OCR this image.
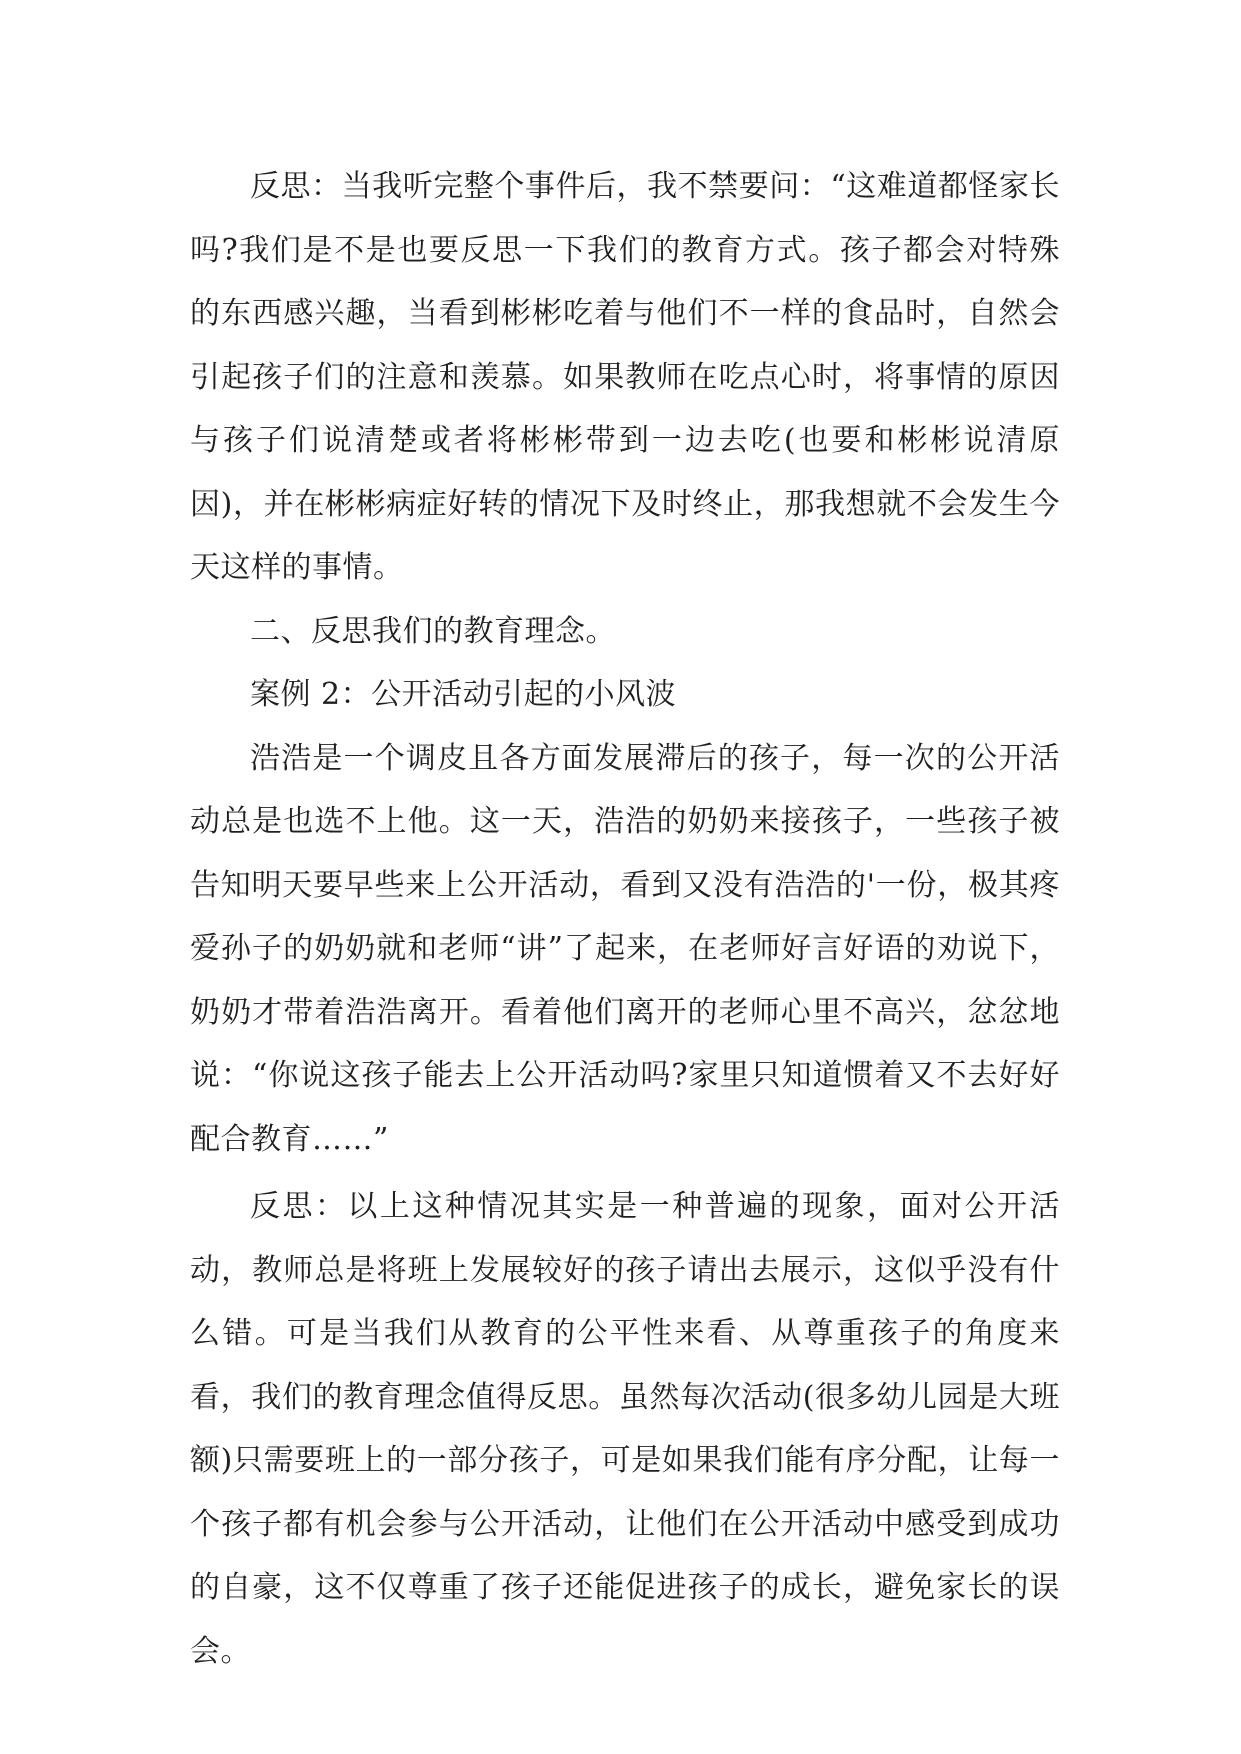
反思：当我听完整个事件后，我不禁要问：“这难道都怪家长吗?我们是不是也要反思一下我们的教育方式。孩子都会对特殊的东西感兴趣，当看到彬彬吃着与他们不一样的食品时，自然会引起孩子们的注意和羡慕。如果教师在吃点心时，将事情的原因与孩子们说清楚或者将彬彬带到一边去吃(也要和彬彬说清原因)，并在彬彬病症好转的情况下及时终止，那我想就不会发生今天这样的事情。

二、反思我们的教育理念。

案例 2：公开活动引起的小风波

浩浩是一个调皮且各方面发展滞后的孩子，每一次的公开活动总是也选不上他。这一天，浩浩的奶奶来接孩子，一些孩子被告知明天要早些来上公开活动，看到又没有浩浩的'一份，极其疼爱孙子的奶奶就和老师“讲”了起来，在老师好言好语的劝说下，奶奶才带着浩浩离开。看着他们离开的老师心里不高兴，忿忿地说：“你说这孩子能去上公开活动吗?家里只知道惯着又不去好好配合教育……”

反思：以上这种情况其实是一种普遍的现象，面对公开活动，教师总是将班上发展较好的孩子请出去展示，这似乎没有什么错。可是当我们从教育的公平性来看、从尊重孩子的角度来看，我们的教育理念值得反思。虽然每次活动(很多幼儿园是大班额)只需要班上的一部分孩子，可是如果我们能有序分配，让每一个孩子都有机会参与公开活动，让他们在公开活动中感受到成功的自豪，这不仅尊重了孩子还能促进孩子的成长，避免家长的误会。
